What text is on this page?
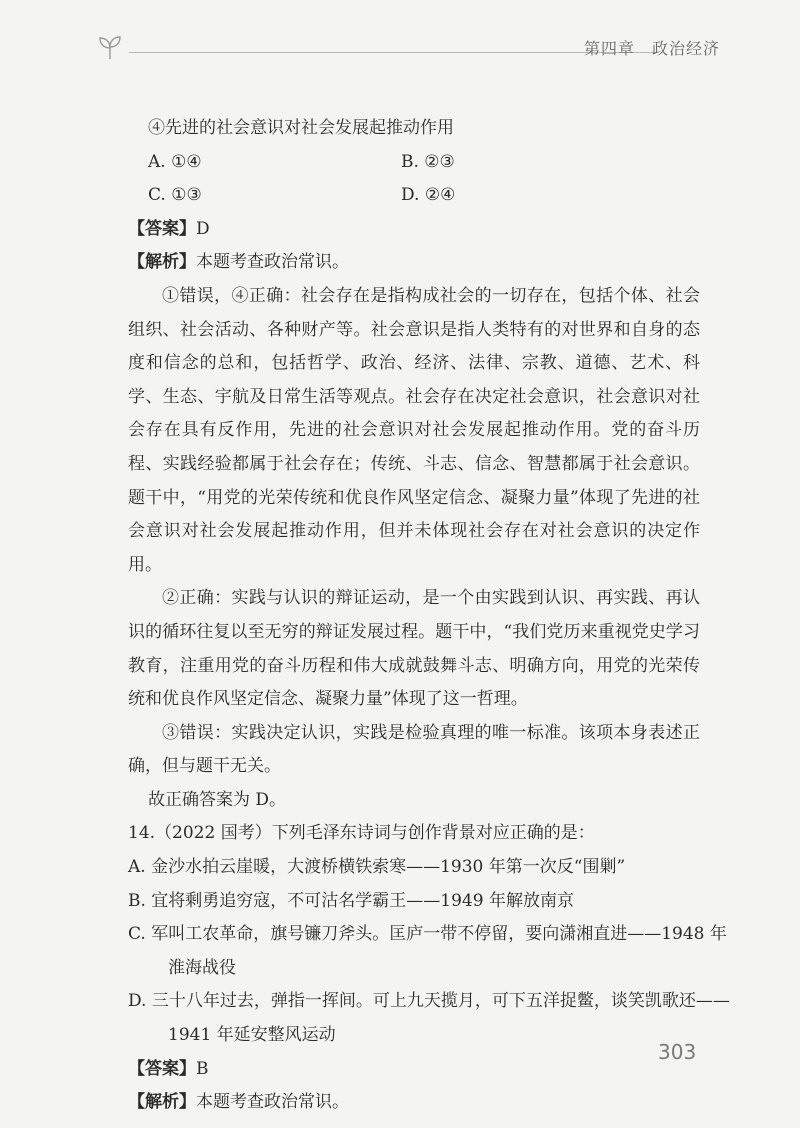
第四章　政治经济
④先进的社会意识对社会发展起推动作用
A. ①④	B. ②③
C. ①③	D. ②④
【答案】D
【解析】本题考查政治常识。
①错误，④正确：社会存在是指构成社会的一切存在，包括个体、社会组织、社会活动、各种财产等。社会意识是指人类特有的对世界和自身的态度和信念的总和，包括哲学、政治、经济、法律、宗教、道德、艺术、科学、生态、宇航及日常生活等观点。社会存在决定社会意识，社会意识对社会存在具有反作用，先进的社会意识对社会发展起推动作用。党的奋斗历程、实践经验都属于社会存在；传统、斗志、信念、智慧都属于社会意识。题干中，“用党的光荣传统和优良作风坚定信念、凝聚力量”体现了先进的社会意识对社会发展起推动作用，但并未体现社会存在对社会意识的决定作用。
②正确：实践与认识的辩证运动，是一个由实践到认识、再实践、再认识的循环往复以至无穷的辩证发展过程。题干中，“我们党历来重视党史学习教育，注重用党的奋斗历程和伟大成就鼓舞斗志、明确方向，用党的光荣传统和优良作风坚定信念、凝聚力量”体现了这一哲理。
③错误：实践决定认识，实践是检验真理的唯一标准。该项本身表述正确，但与题干无关。
故正确答案为 D。
14.（2022 国考）下列毛泽东诗词与创作背景对应正确的是：
A. 金沙水拍云崖暖，大渡桥横铁索寒——1930 年第一次反“围剿”
B. 宜将剩勇追穷寇，不可沽名学霸王——1949 年解放南京
C. 军叫工农革命，旗号镰刀斧头。匡庐一带不停留，要向潇湘直进——1948 年
淮海战役
D. 三十八年过去，弹指一挥间。可上九天揽月，可下五洋捉鳖，谈笑凯歌还——
1941 年延安整风运动
【答案】B
【解析】本题考查政治常识。
303
